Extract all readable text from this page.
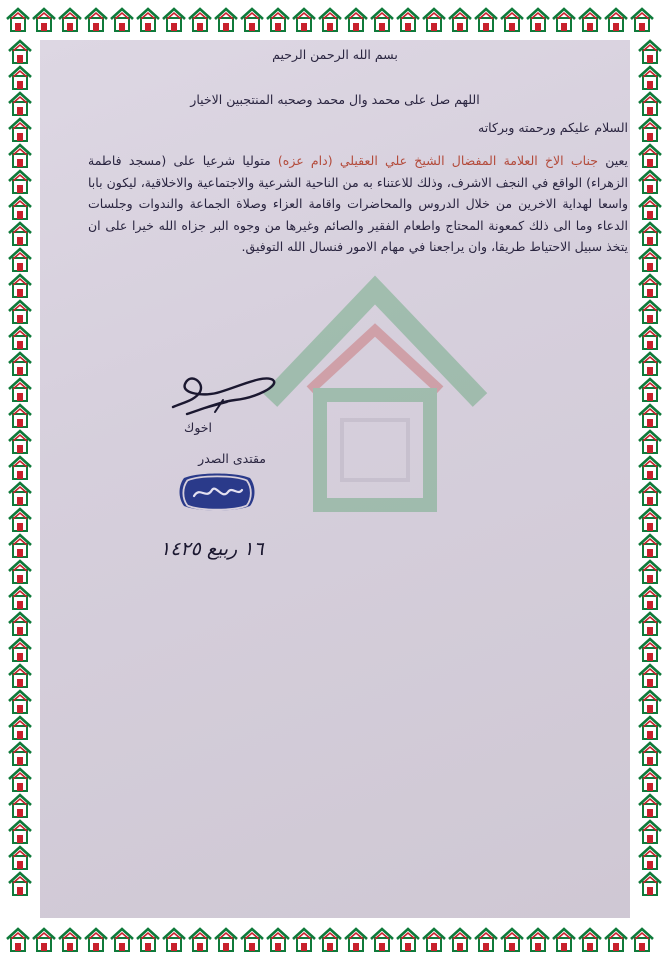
بسم الله الرحمن الرحيم
اللهم صل على محمد وال محمد وصحبه المنتجبين الاخيار
السلام عليكم ورحمته وبركاته
يعين جناب الاخ العلامة المفضال الشيخ علي العقيلي (دام عزه) متوليا شرعيا على (مسجد فاطمة الزهراء) الواقع في النجف الاشرف، وذلك للاعتناء به من الناحية الشرعية والاجتماعية والاخلاقية، ليكون بابا واسعا لهداية الاخرين من خلال الدروس والمحاضرات واقامة العزاء وصلاة الجماعة والندوات وجلسات الدعاء وما الى ذلك كمعونة المحتاج واطعام الفقير والصائم وغيرها من وجوه البر جزاه الله خيرا على ان يتخذ سبيل الاحتياط طريقا، وان يراجعنا في مهام الامور فنسال الله التوفيق.
اخوك
مقتدى الصدر
١٦ ربيع ١٤٢٥
